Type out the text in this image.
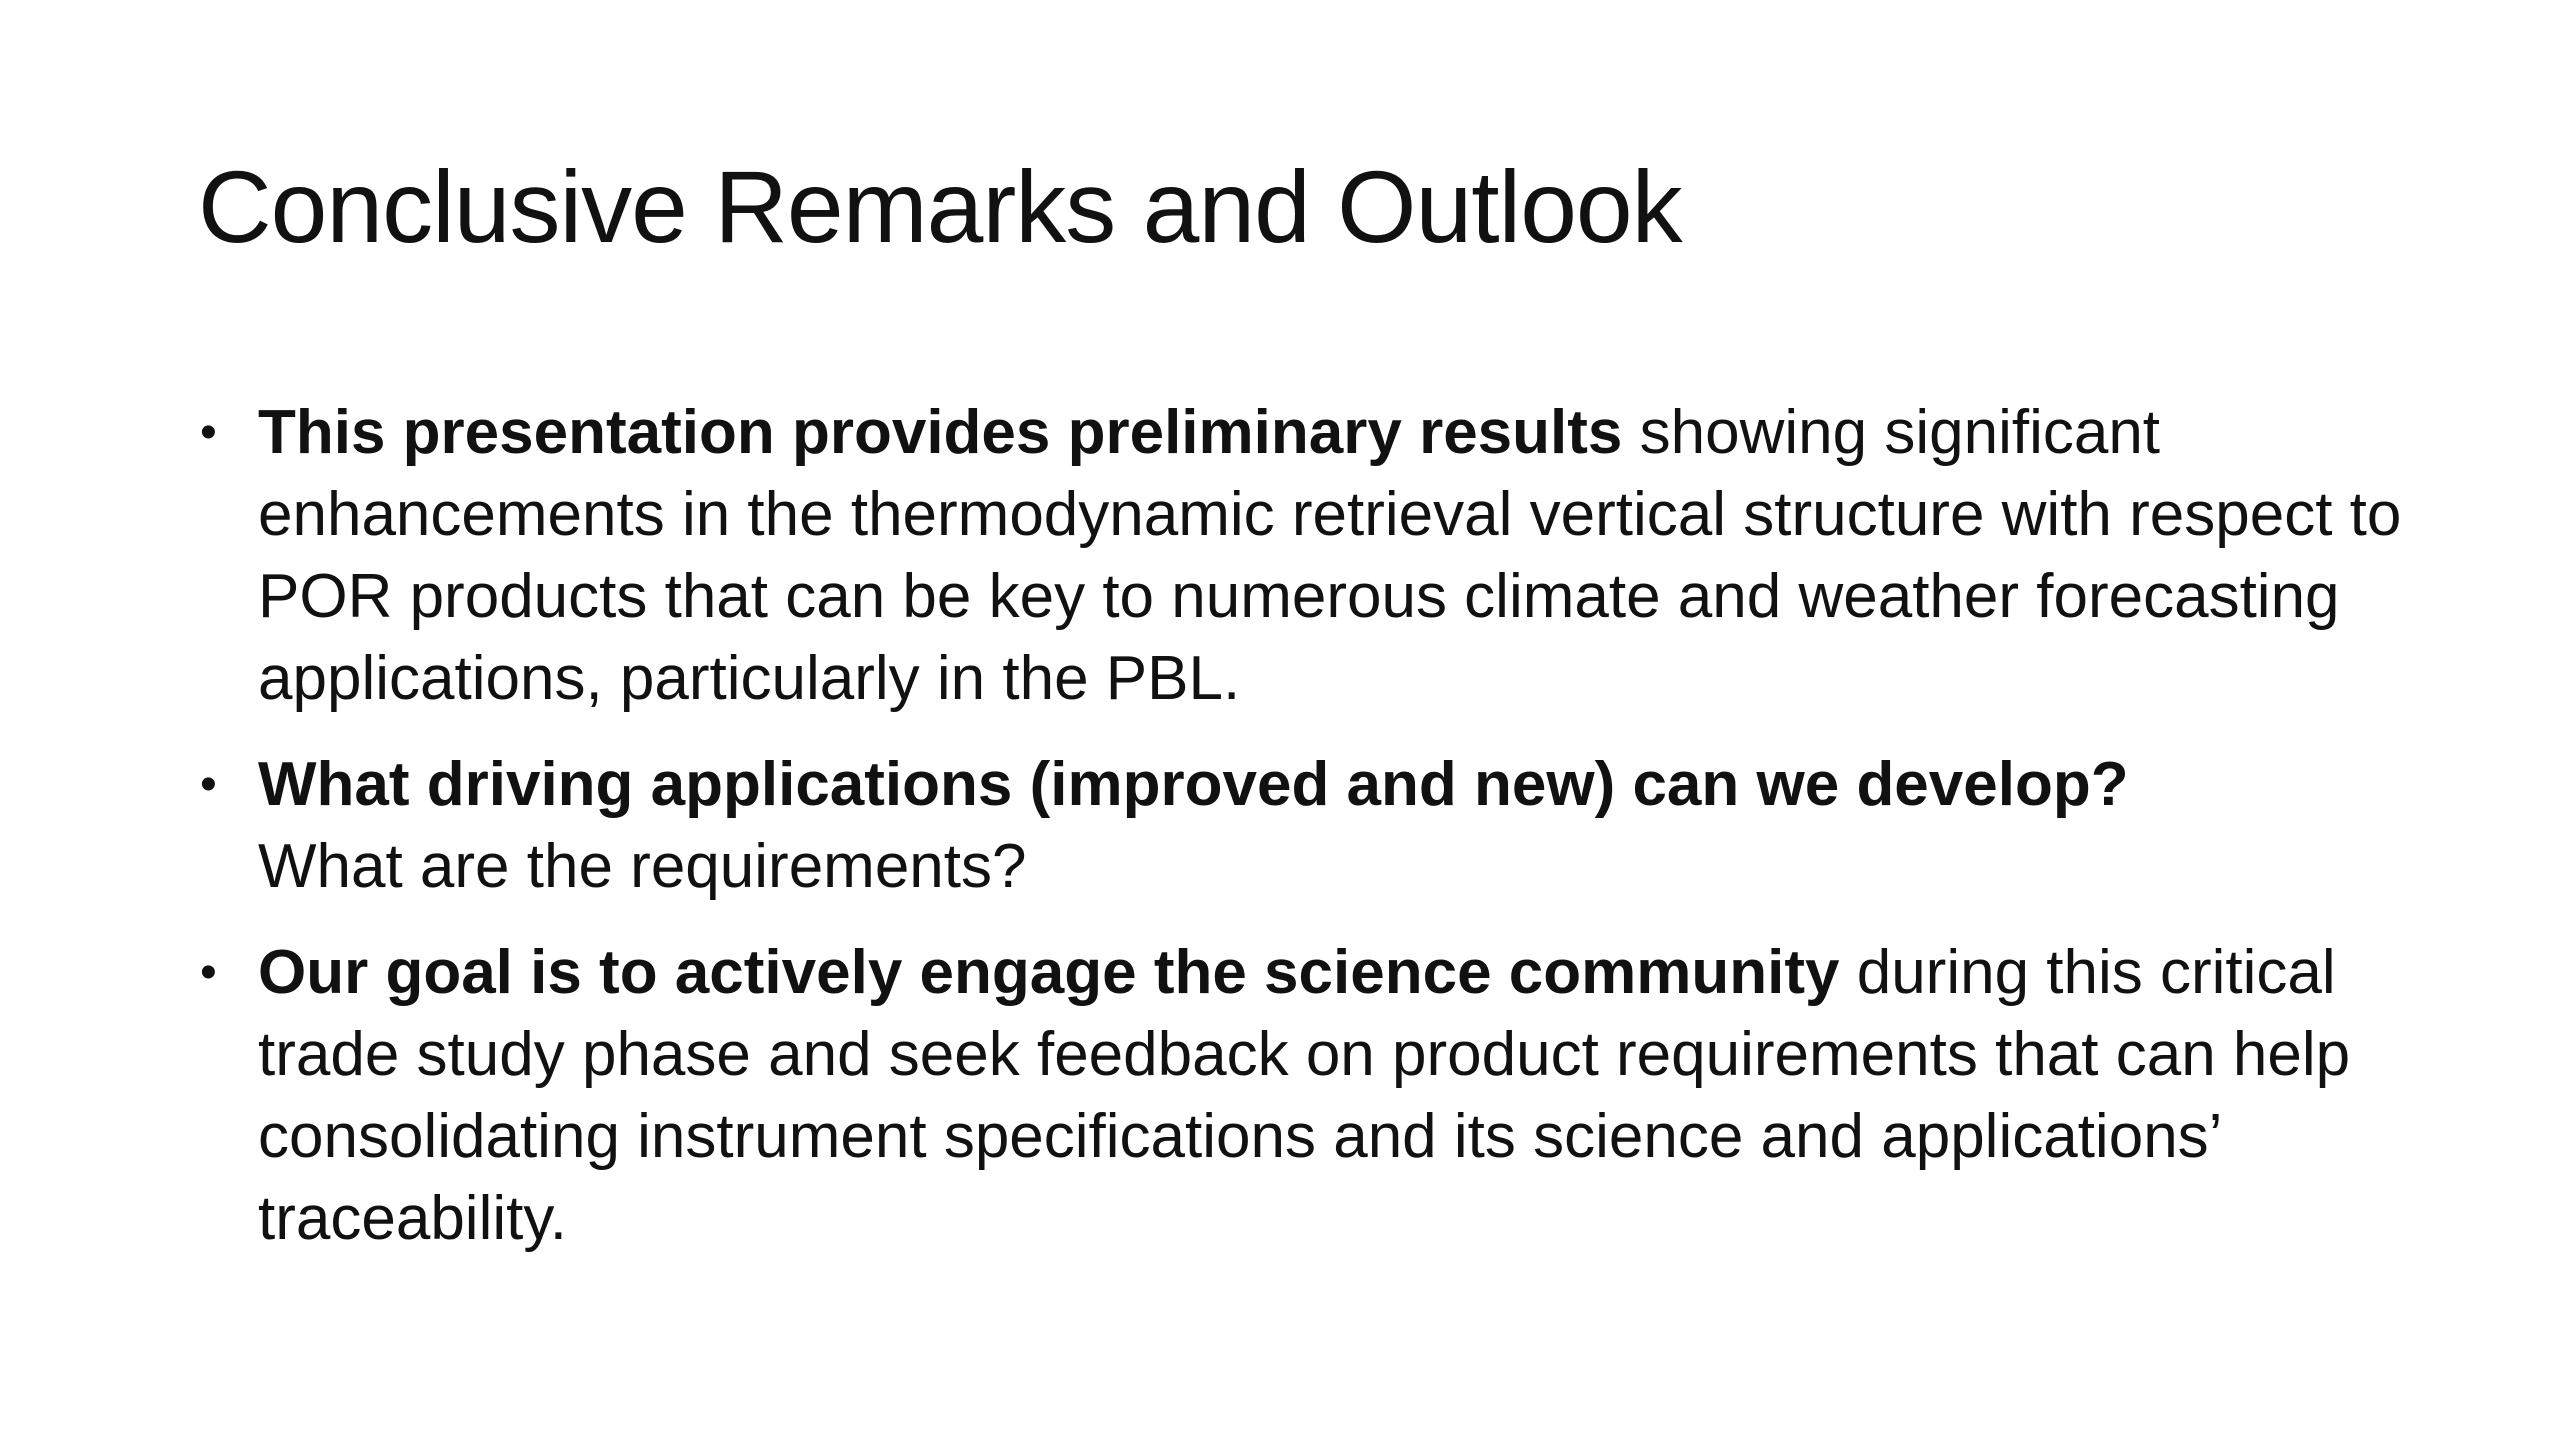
Conclusive Remarks and Outlook
• This presentation provides preliminary results showing significant enhancements in the thermodynamic retrieval vertical structure with respect to POR products that can be key to numerous climate and weather forecasting applications, particularly in the PBL.
• What driving applications (improved and new) can we develop?
What are the requirements?
• Our goal is to actively engage the science community during this critical trade study phase and seek feedback on product requirements that can help consolidating instrument specifications and its science and applications’ traceability.
